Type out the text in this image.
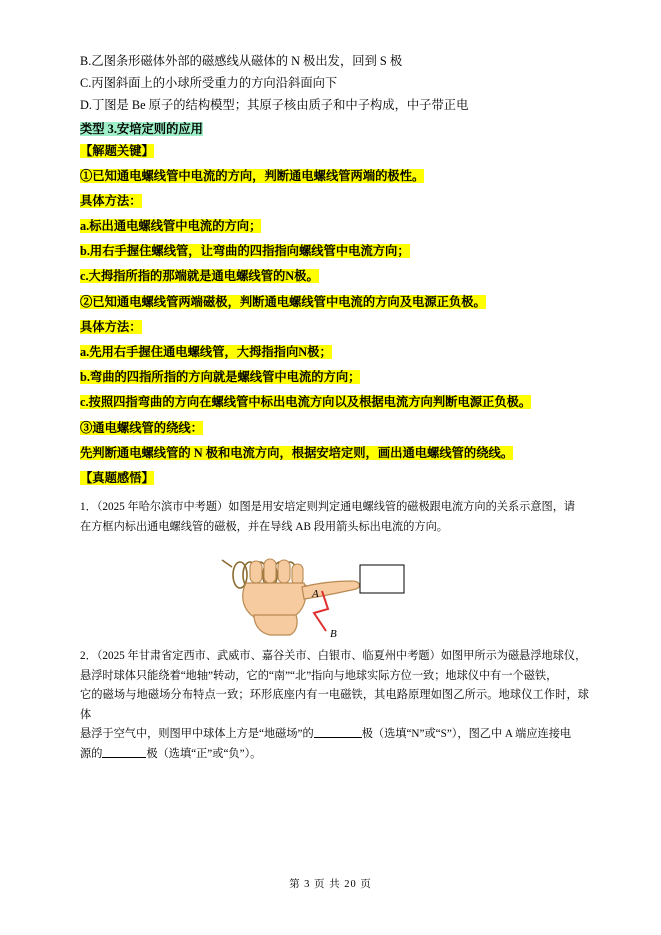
B.乙图条形磁体外部的磁感线从磁体的 N 极出发，回到 S 极
C.丙图斜面上的小球所受重力的方向沿斜面向下
D.丁图是 Be 原子的结构模型；其原子核由质子和中子构成，中子带正电
类型 3.安培定则的应用
【解题关键】
①已知通电螺线管中电流的方向，判断通电螺线管两端的极性。
具体方法：
a.标出通电螺线管中电流的方向；
b.用右手握住螺线管，让弯曲的四指指向螺线管中电流方向；
c.大拇指所指的那端就是通电螺线管的N极。
②已知通电螺线管两端磁极，判断通电螺线管中电流的方向及电源正负极。
具体方法：
a.先用右手握住通电螺线管，大拇指指向N极；
b.弯曲的四指所指的方向就是螺线管中电流的方向；
c.按照四指弯曲的方向在螺线管中标出电流方向以及根据电流方向判断电源正负极。
③通电螺线管的绕线：
先判断通电螺线管的 N 极和电流方向，根据安培定则，画出通电螺线管的绕线。
【真题感悟】
1．（2025 年哈尔滨市中考题）如图是用安培定则判定通电螺线管的磁极跟电流方向的关系示意图，请
在方框内标出通电螺线管的磁极，并在导线 AB 段用箭头标出电流的方向。
A
B
2．（2025 年甘肃省定西市、武威市、嘉谷关市、白银市、临夏州中考题）如图甲所示为磁悬浮地球仪，
悬浮时球体只能绕着“地轴”转动，它的“南”“北”指向与地球实际方位一致；地球仪中有一个磁铁，
它的磁场与地磁场分布特点一致；环形底座内有一电磁铁，其电路原理如图乙所示。地球仪工作时，球体
悬浮于空气中，则图甲中球体上方是“地磁场”的	极（选填“N”或“S”），图乙中 A 端应连接电
源的	极（选填“正”或“负”）。
第 3 页 共 20 页
